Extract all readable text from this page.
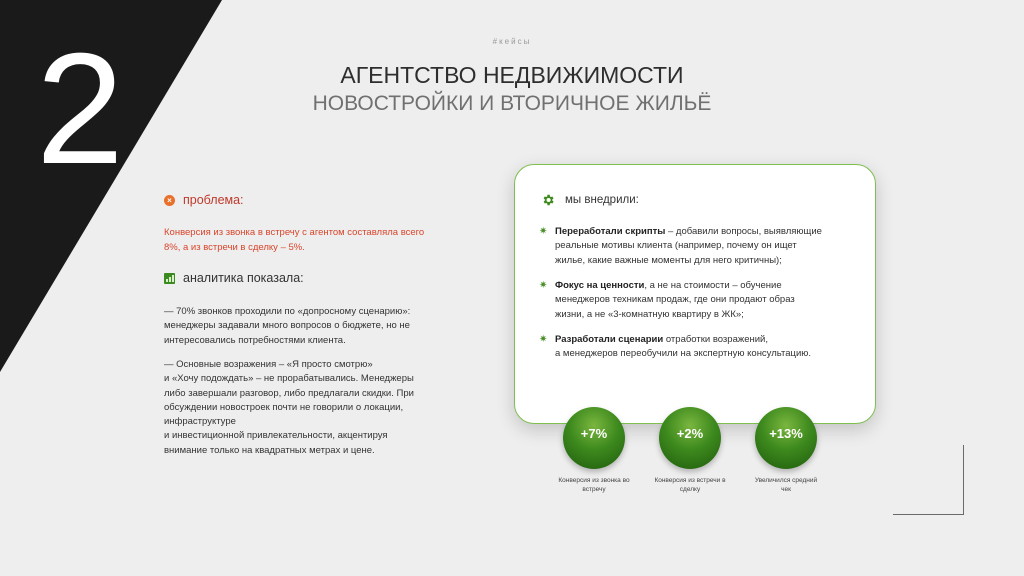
2	#кейсы
АГЕНТСТВО НЕДВИЖИМОСТИ
НОВОСТРОЙКИ И ВТОРИЧНОЕ ЖИЛЬЁ
× проблема:
Конверсия из звонка в встречу с агентом составляла всего
8%, а из встречи в сделку – 5%.
аналитика показала:
— 70% звонков проходили по «допросному сценарию»:
менеджеры задавали много вопросов о бюджете, но не
интересовались потребностями клиента.
— Основные возражения – «Я просто смотрю»
и «Хочу подождать» – не прорабатывались. Менеджеры
либо завершали разговор, либо предлагали скидки. При
обсуждении новостроек почти не говорили о локации,
инфраструктуре
и инвестиционной привлекательности, акцентируя
внимание только на квадратных метрах и цене.
мы внедрили:
✷ Переработали скрипты – добавили вопросы, выявляющие
реальные мотивы клиента (например, почему он ищет
жилье, какие важные моменты для него критичны);
✷ Фокус на ценности, а не на стоимости – обучение
менеджеров техникам продаж, где они продают образ
жизни, а не «3-комнатную квартиру в ЖК»;
✷ Разработали сценарии отработки возражений,
а менеджеров переобучили на экспертную консультацию.
+7%	+2%	+13%
Конверсия из звонка во
встречу
Конверсия из встречи в
сделку
Увеличился средний
чек
